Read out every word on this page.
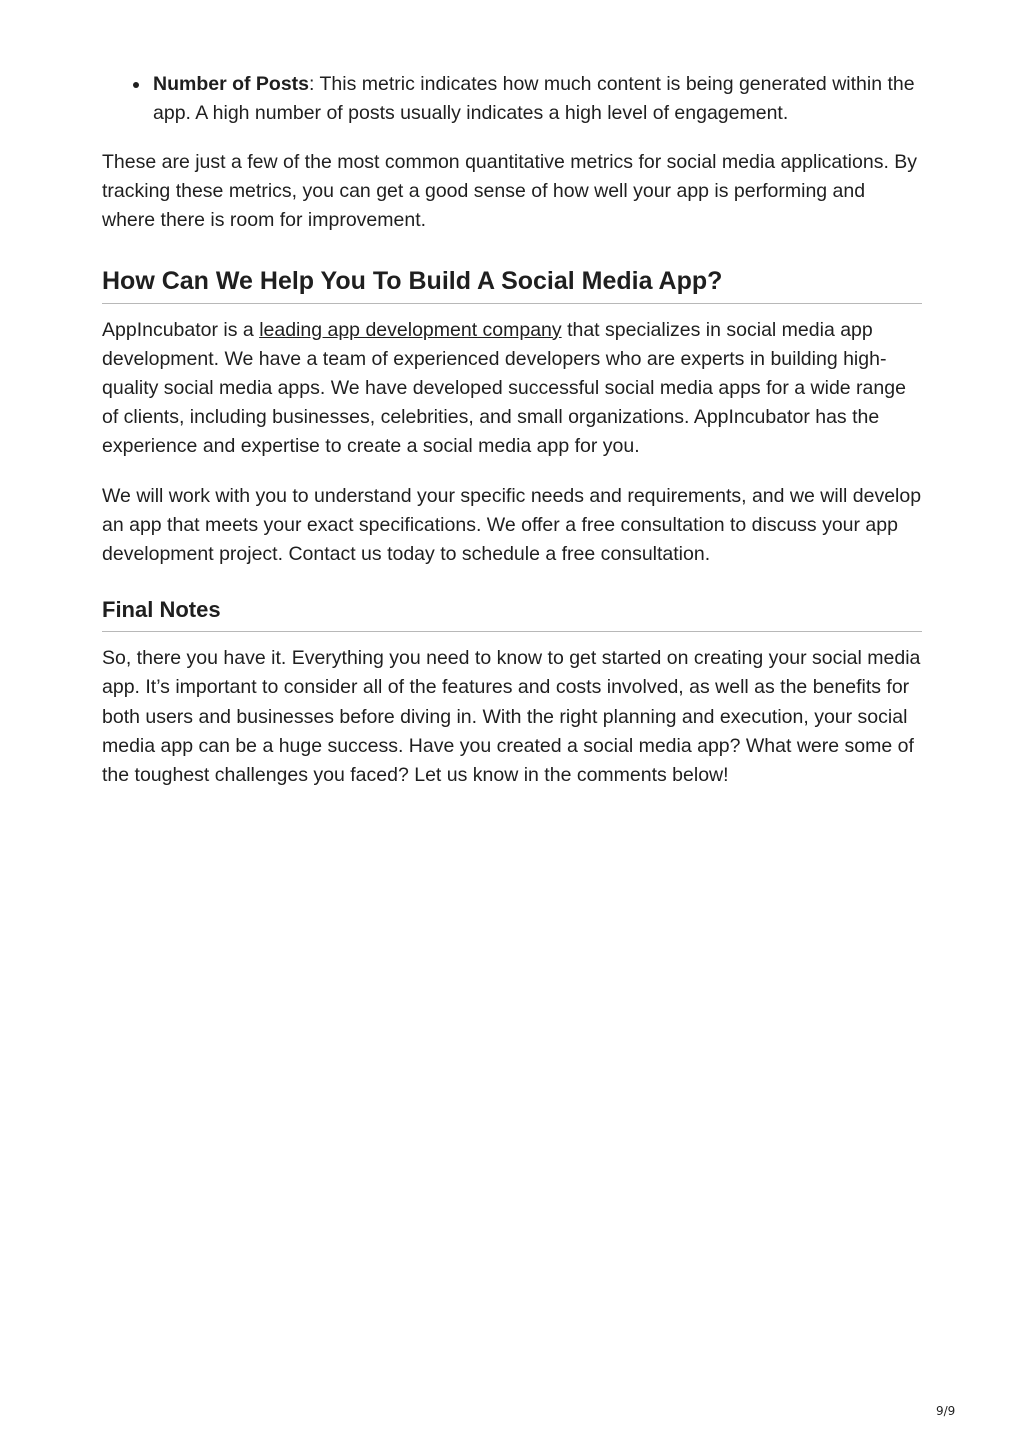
Number of Posts: This metric indicates how much content is being generated within the app. A high number of posts usually indicates a high level of engagement.

These are just a few of the most common quantitative metrics for social media applications. By tracking these metrics, you can get a good sense of how well your app is performing and where there is room for improvement.

How Can We Help You To Build A Social Media App?

AppIncubator is a leading app development company that specializes in social media app development. We have a team of experienced developers who are experts in building high-quality social media apps. We have developed successful social media apps for a wide range of clients, including businesses, celebrities, and small organizations. AppIncubator has the experience and expertise to create a social media app for you.

We will work with you to understand your specific needs and requirements, and we will develop an app that meets your exact specifications. We offer a free consultation to discuss your app development project. Contact us today to schedule a free consultation.

Final Notes

So, there you have it. Everything you need to know to get started on creating your social media app. It’s important to consider all of the features and costs involved, as well as the benefits for both users and businesses before diving in. With the right planning and execution, your social media app can be a huge success. Have you created a social media app? What were some of the toughest challenges you faced? Let us know in the comments below!

9/9
